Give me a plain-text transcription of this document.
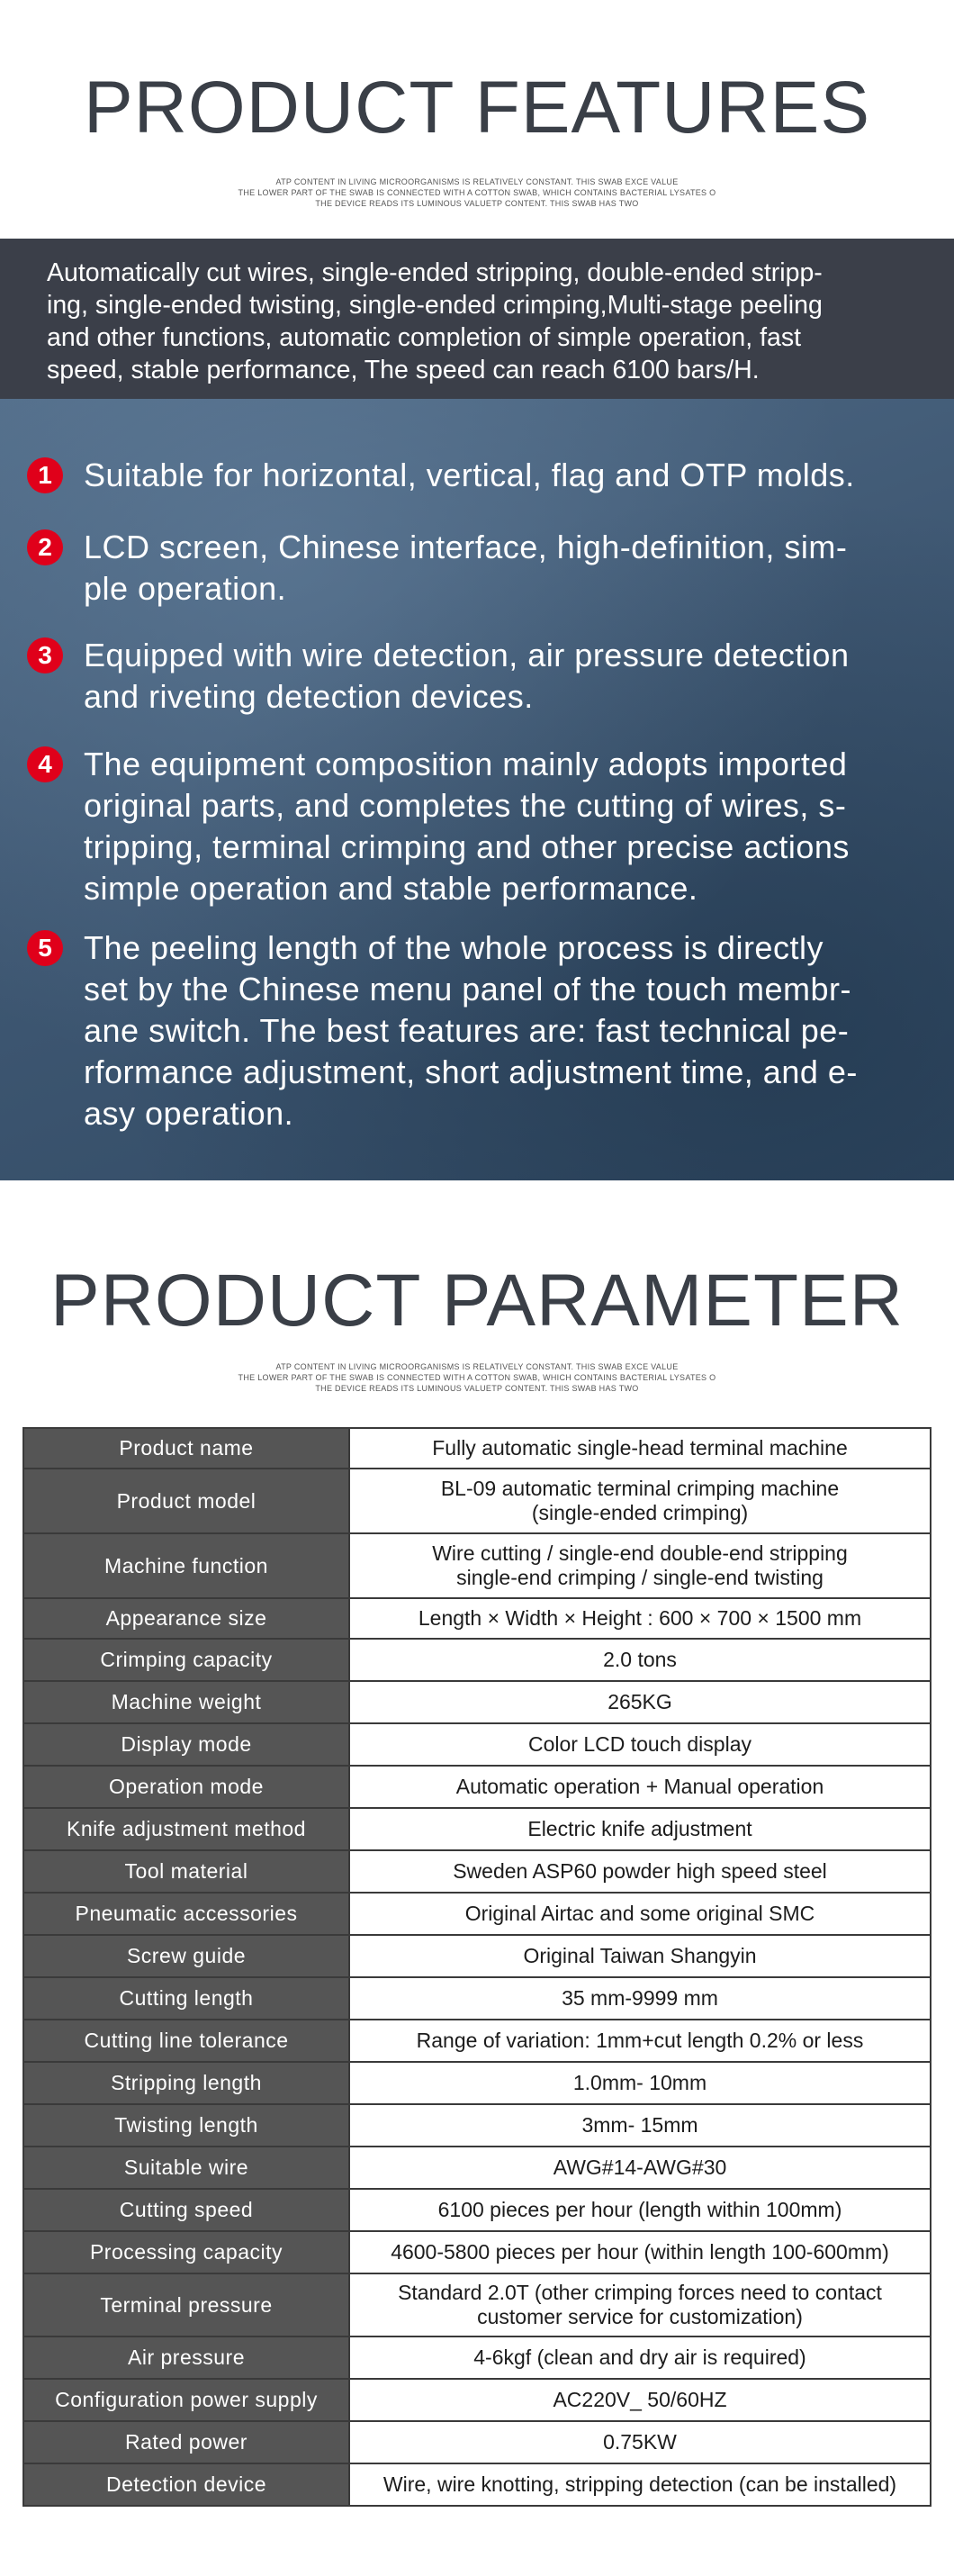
PRODUCT FEATURES
ATP CONTENT IN LIVING MICROORGANISMS IS RELATIVELY CONSTANT. THIS SWAB EXCE VALUE
THE LOWER PART OF THE SWAB IS CONNECTED WITH A COTTON SWAB, WHICH CONTAINS BACTERIAL LYSATES O
THE DEVICE READS ITS LUMINOUS VALUETP CONTENT. THIS SWAB HAS TWO
Automatically cut wires, single-ended stripping, double-ended stripp-
ing, single-ended twisting, single-ended crimping,Multi-stage peeling
and other functions, automatic completion of simple operation, fast
speed, stable performance, The speed can reach 6100 bars/H.
1 Suitable for horizontal, vertical, flag and OTP molds.
2 LCD screen, Chinese interface, high-definition, sim-
ple operation.
3 Equipped with wire detection, air pressure detection
and riveting detection devices.
4 The equipment composition mainly adopts imported
original parts, and completes the cutting of wires, s-
tripping, terminal crimping and other precise actions
simple operation and stable performance.
5 The peeling length of the whole process is directly
set by the Chinese menu panel of the touch membr-
ane switch. The best features are: fast technical pe-
rformance adjustment, short adjustment time, and e-
asy operation.
PRODUCT PARAMETER
ATP CONTENT IN LIVING MICROORGANISMS IS RELATIVELY CONSTANT. THIS SWAB EXCE VALUE
THE LOWER PART OF THE SWAB IS CONNECTED WITH A COTTON SWAB, WHICH CONTAINS BACTERIAL LYSATES O
THE DEVICE READS ITS LUMINOUS VALUETP CONTENT. THIS SWAB HAS TWO
Product name	Fully automatic single-head terminal machine

Product model	BL-09 automatic terminal crimping machine
(single-ended crimping)

Machine function	Wire cutting / single-end double-end stripping
single-end crimping / single-end twisting

Appearance size	Length × Width × Height : 600 × 700 × 1500 mm

Crimping capacity	2.0 tons

Machine weight	265KG

Display mode	Color LCD touch display

Operation mode	Automatic operation + Manual operation

Knife adjustment method	Electric knife adjustment

Tool material	Sweden ASP60 powder high speed steel

Pneumatic accessories	Original Airtac and some original SMC

Screw guide	Original Taiwan Shangyin

Cutting length	35 mm-9999 mm

Cutting line tolerance	Range of variation: 1mm+cut length 0.2% or less

Stripping length	1.0mm- 10mm

Twisting length	3mm- 15mm

Suitable wire	AWG#14-AWG#30

Cutting speed	6100 pieces per hour (length within 100mm)

Processing capacity	4600-5800 pieces per hour (within length 100-600mm)

Terminal pressure	Standard 2.0T (other crimping forces need to contact
customer service for customization)

Air pressure	4-6kgf (clean and dry air is required)

Configuration power supply	AC220V_ 50/60HZ

Rated power	0.75KW

Detection device	Wire, wire knotting, stripping detection (can be installed)
